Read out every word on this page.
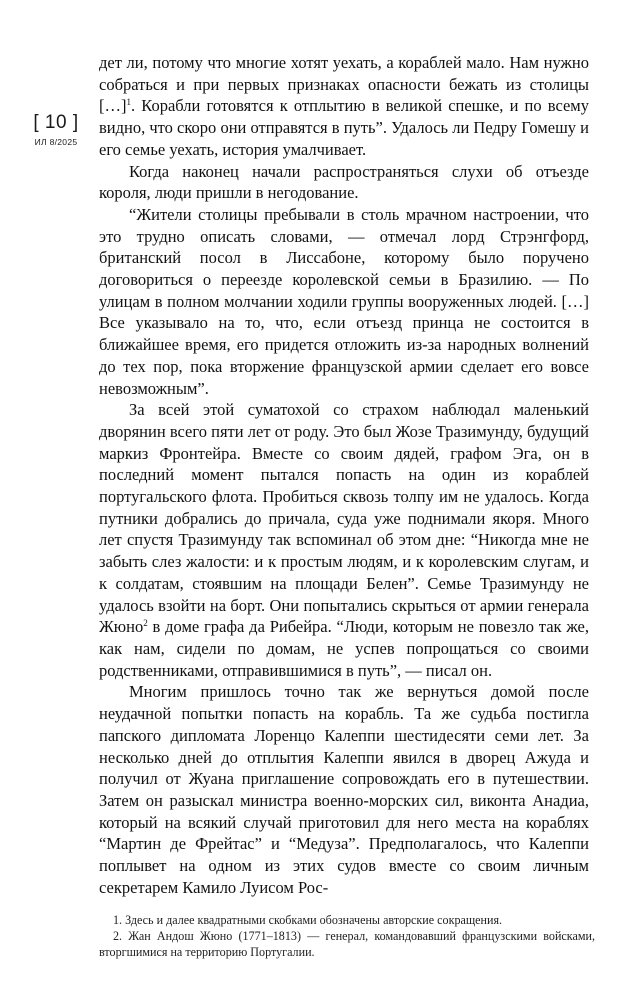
[ 10 ]
ИЛ 8/2025

дет ли, потому что многие хотят уехать, а кораблей мало. Нам нужно собраться и при первых признаках опасности бежать из столицы […]$^1$. Корабли готовятся к отплытию в великой спешке, и по всему видно, что скоро они отправятся в путь”. Удалось ли Педру Гомешу и его семье уехать, история умалчивает.

Когда наконец начали распространяться слухи об отъезде короля, люди пришли в негодование.

“Жители столицы пребывали в столь мрачном настроении, что это трудно описать словами, — отмечал лорд Стрэнгфорд, британский посол в Лиссабоне, которому было поручено договориться о переезде королевской семьи в Бразилию. — По улицам в полном молчании ходили группы вооруженных людей. […] Все указывало на то, что, если отъезд принца не состоится в ближайшее время, его придется отложить из-за народных волнений до тех пор, пока вторжение французской армии сделает его вовсе невозможным”.

За всей этой суматохой со страхом наблюдал маленький дворянин всего пяти лет от роду. Это был Жозе Тразимунду, будущий маркиз Фронтейра. Вместе со своим дядей, графом Эга, он в последний момент пытался попасть на один из кораблей португальского флота. Пробиться сквозь толпу им не удалось. Когда путники добрались до причала, суда уже поднимали якоря. Много лет спустя Тразимунду так вспоминал об этом дне: “Никогда мне не забыть слез жалости: и к простым людям, и к королевским слугам, и к солдатам, стоявшим на площади Белен”. Семье Тразимунду не удалось взойти на борт. Они попытались скрыться от армии генерала Жюно$^2$ в доме графа да Рибейра. “Люди, которым не повезло так же, как нам, сидели по домам, не успев попрощаться со своими родственниками, отправившимися в путь”, — писал он.

Многим пришлось точно так же вернуться домой после неудачной попытки попасть на корабль. Та же судьба постигла папского дипломата Лоренцо Калеппи шестидесяти семи лет. За несколько дней до отплытия Калеппи явился в дворец Ажуда и получил от Жуана приглашение сопровождать его в путешествии. Затем он разыскал министра военно-морских сил, виконта Анадиа, который на всякий случай приготовил для него места на кораблях “Мартин де Фрейтас” и “Медуза”. Предполагалось, что Калеппи поплывет на одном из этих судов вместе со своим личным секретарем Камило Луисом Рос-

1. Здесь и далее квадратными скобками обозначены авторские сокращения.

2. Жан Андош Жюно (1771–1813) — генерал, командовавший французскими войсками, вторгшимися на территорию Португалии.
